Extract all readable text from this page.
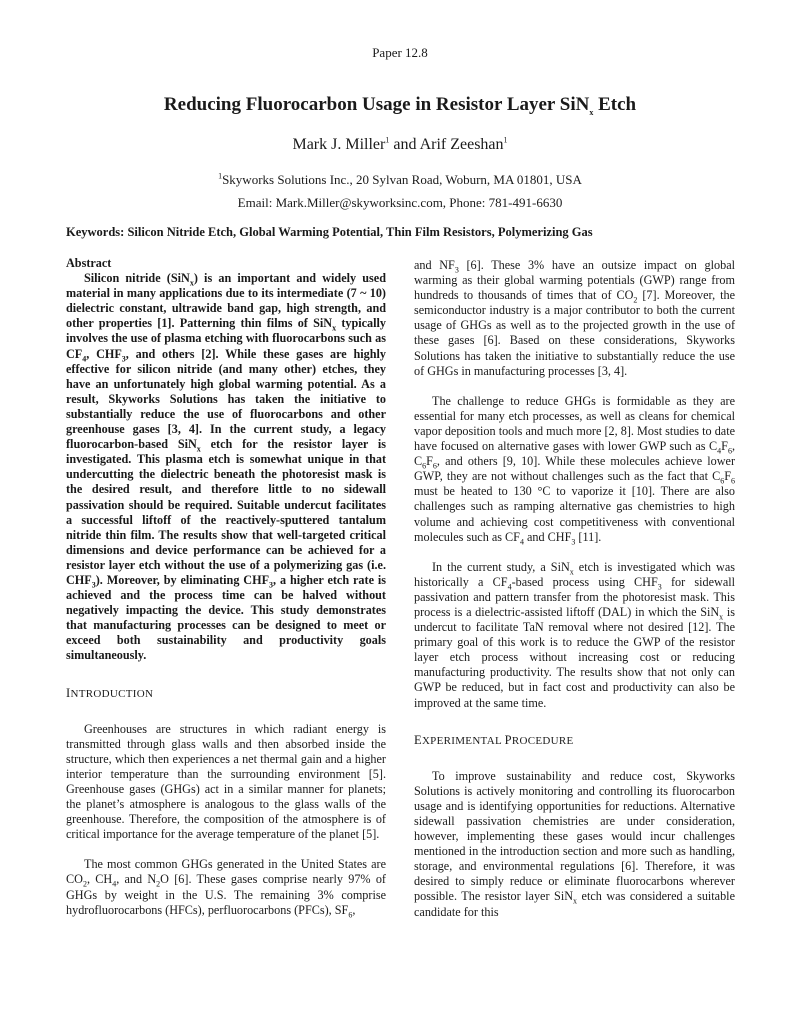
Paper 12.8
Reducing Fluorocarbon Usage in Resistor Layer SiN$_x$ Etch
Mark J. Miller$^1$ and Arif Zeeshan$^1$
$^1$Skyworks Solutions Inc., 20 Sylvan Road, Woburn, MA 01801, USA
Email: Mark.Miller@skyworksinc.com, Phone: 781-491-6630
Keywords: Silicon Nitride Etch, Global Warming Potential, Thin Film Resistors, Polymerizing Gas

Abstract

Silicon nitride (SiN$_x$) is an important and widely used material in many applications due to its intermediate (7 ~ 10) dielectric constant, ultrawide band gap, high strength, and other properties [1]. Patterning thin films of SiN$_x$ typically involves the use of plasma etching with fluorocarbons such as $CF_4$, $CHF_3$, and others [2]. While these gases are highly effective for silicon nitride (and many other) etches, they have an unfortunately high global warming potential. As a result, Skyworks Solutions has taken the initiative to substantially reduce the use of fluorocarbons and other greenhouse gases [3, 4]. In the current study, a legacy fluorocarbon-based SiN$_x$ etch for the resistor layer is investigated. This plasma etch is somewhat unique in that undercutting the dielectric beneath the photoresist mask is the desired result, and therefore little to no sidewall passivation should be required. Suitable undercut facilitates a successful liftoff of the reactively-sputtered tantalum nitride thin film. The results show that well-targeted critical dimensions and device performance can be achieved for a resistor layer etch without the use of a polymerizing gas (i.e. $CHF_3$). Moreover, by eliminating $CHF_3$, a higher etch rate is achieved and the process time can be halved without negatively impacting the device. This study demonstrates that manufacturing processes can be designed to meet or exceed both sustainability and productivity goals simultaneously.

INTRODUCTION

Greenhouses are structures in which radiant energy is transmitted through glass walls and then absorbed inside the structure, which then experiences a net thermal gain and a higher interior temperature than the surrounding environment [5]. Greenhouse gases (GHGs) act in a similar manner for planets; the planet’s atmosphere is analogous to the glass walls of the greenhouse. Therefore, the composition of the atmosphere is of critical importance for the average temperature of the planet [5].

The most common GHGs generated in the United States are $CO_2$, $CH_4$, and $N_2O$ [6]. These gases comprise nearly 97% of GHGs by weight in the U.S. The remaining 3% comprise hydrofluorocarbons (HFCs), perfluorocarbons (PFCs), $SF_6$,

and $NF_3$ [6]. These 3% have an outsize impact on global warming as their global warming potentials (GWP) range from hundreds to thousands of times that of $CO_2$ [7]. Moreover, the semiconductor industry is a major contributor to both the current usage of GHGs as well as to the projected growth in the use of these gases [6]. Based on these considerations, Skyworks Solutions has taken the initiative to substantially reduce the use of GHGs in manufacturing processes [3, 4].

The challenge to reduce GHGs is formidable as they are essential for many etch processes, as well as cleans for chemical vapor deposition tools and much more [2, 8]. Most studies to date have focused on alternative gases with lower GWP such as $C_4F_6$, $C_6F_6$, and others [9, 10]. While these molecules achieve lower GWP, they are not without challenges such as the fact that $C_6F_6$ must be heated to 130 °C to vaporize it [10]. There are also challenges such as ramping alternative gas chemistries to high volume and achieving cost competitiveness with conventional molecules such as $CF_4$ and $CHF_3$ [11].

In the current study, a SiN$_x$ etch is investigated which was historically a $CF_4$-based process using $CHF_3$ for sidewall passivation and pattern transfer from the photoresist mask. This process is a dielectric-assisted liftoff (DAL) in which the SiN$_x$ is undercut to facilitate TaN removal where not desired [12]. The primary goal of this work is to reduce the GWP of the resistor layer etch process without increasing cost or reducing manufacturing productivity. The results show that not only can GWP be reduced, but in fact cost and productivity can also be improved at the same time.

EXPERIMENTAL PROCEDURE

To improve sustainability and reduce cost, Skyworks Solutions is actively monitoring and controlling its fluorocarbon usage and is identifying opportunities for reductions. Alternative sidewall passivation chemistries are under consideration, however, implementing these gases would incur challenges mentioned in the introduction section and more such as handling, storage, and environmental regulations [6]. Therefore, it was desired to simply reduce or eliminate fluorocarbons wherever possible. The resistor layer SiN$_x$ etch was considered a suitable candidate for this
